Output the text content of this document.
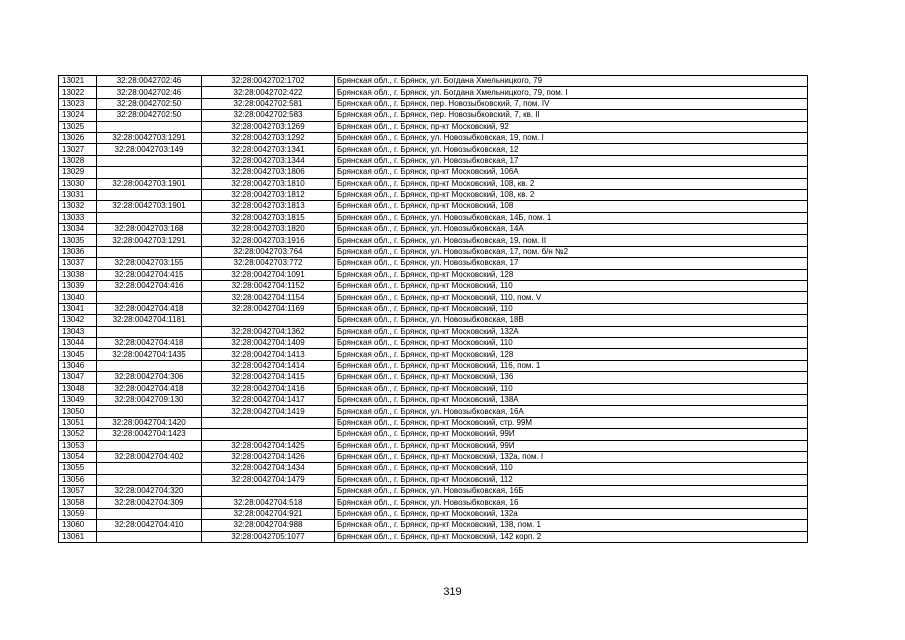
13021	32:28:0042702:46	32:28:0042702:1702	Брянская обл., г. Брянск, ул. Богдана Хмельницкого, 79
13022	32:28:0042702:46	32:28:0042702:422	Брянская обл., г. Брянск, ул. Богдана Хмельницкого, 79, пом. I
13023	32:28:0042702:50	32:28:0042702:581	Брянская обл., г. Брянск, пер. Новозыбковский, 7, пом. IV
13024	32:28:0042702:50	32:28:0042702:583	Брянская обл., г. Брянск, пер. Новозыбковский, 7, кв. II
13025		32:28:0042703:1269	Брянская обл., г. Брянск, пр-кт Московский, 92
13026	32:28:0042703:1291	32:28:0042703:1292	Брянская обл., г. Брянск, ул. Новозыбковская, 19, пом. I
13027	32:28:0042703:149	32:28:0042703:1341	Брянская обл., г. Брянск, ул. Новозыбковская, 12
13028		32:28:0042703:1344	Брянская обл., г. Брянск, ул. Новозыбковская, 17
13029		32:28:0042703:1806	Брянская обл., г. Брянск, пр-кт Московский, 106А
13030	32:28:0042703:1901	32:28:0042703:1810	Брянская обл., г. Брянск, пр-кт Московский, 108, кв. 2
13031		32:28:0042703:1812	Брянская обл., г. Брянск, пр-кт Московский, 108, кв. 2
13032	32:28:0042703:1901	32:28:0042703:1813	Брянская обл., г. Брянск, пр-кт Московский, 108
13033		32:28:0042703:1815	Брянская обл., г. Брянск, ул. Новозыбковская, 14Б, пом. 1
13034	32:28:0042703:168	32:28:0042703:1820	Брянская обл., г. Брянск, ул. Новозыбковская, 14А
13035	32:28:0042703:1291	32:28:0042703:1916	Брянская обл., г. Брянск, ул. Новозыбковская, 19, пом. II
13036		32:28:0042703:764	Брянская обл., г. Брянск, ул. Новозыбковская, 17, пом. б/н №2
13037	32:28:0042703:155	32:28:0042703:772	Брянская обл., г. Брянск, ул. Новозыбковская, 17
13038	32:28:0042704:415	32:28:0042704:1091	Брянская обл., г. Брянск, пр-кт Московский, 128
13039	32:28:0042704:416	32:28:0042704:1152	Брянская обл., г. Брянск, пр-кт Московский, 110
13040		32:28:0042704:1154	Брянская обл., г. Брянск, пр-кт Московский, 110, пом. V
13041	32:28:0042704:418	32:28:0042704:1169	Брянская обл., г. Брянск, пр-кт Московский, 110
13042	32:28:0042704:1181		Брянская обл., г. Брянск, ул. Новозыбковская, 18В
13043		32:28:0042704:1362	Брянская обл., г. Брянск, пр-кт Московский, 132А
13044	32:28:0042704:418	32:28:0042704:1409	Брянская обл., г. Брянск, пр-кт Московский, 110
13045	32:28:0042704:1435	32:28:0042704:1413	Брянская обл., г. Брянск, пр-кт Московский, 128
13046		32:28:0042704:1414	Брянская обл., г. Брянск, пр-кт Московский, 116, пом. 1
13047	32:28:0042704:306	32:28:0042704:1415	Брянская обл., г. Брянск, пр-кт Московский, 136
13048	32:28:0042704:418	32:28:0042704:1416	Брянская обл., г. Брянск, пр-кт Московский, 110
13049	32:28:0042709:130	32:28:0042704:1417	Брянская обл., г. Брянск, пр-кт Московский, 138А
13050		32:28:0042704:1419	Брянская обл., г. Брянск, ул. Новозыбковская, 16А
13051	32:28:0042704:1420		Брянская обл., г. Брянск, пр-кт Московский, стр. 99М
13052	32:28:0042704:1423		Брянская обл., г. Брянск, пр-кт Московский, 99И
13053		32:28:0042704:1425	Брянская обл., г. Брянск, пр-кт Московский, 99И
13054	32:28:0042704:402	32:28:0042704:1426	Брянская обл., г. Брянск, пр-кт Московский, 132а, пом. I
13055		32:28:0042704:1434	Брянская обл., г. Брянск, пр-кт Московский, 110
13056		32:28:0042704:1479	Брянская обл., г. Брянск, пр-кт Московский, 112
13057	32:28:0042704:320		Брянская обл., г. Брянск, ул. Новозыбковская, 16Б
13058	32:28:0042704:309	32:28:0042704:518	Брянская обл., г. Брянск, ул. Новозыбковская, 16
13059		32:28:0042704:921	Брянская обл., г. Брянск, пр-кт Московский, 132а
13060	32:28:0042704:410	32:28:0042704:988	Брянская обл., г. Брянск, пр-кт Московский, 138, пом. 1
13061		32:28:0042705:1077	Брянская обл., г. Брянск, пр-кт Московский, 142 корп. 2
319
